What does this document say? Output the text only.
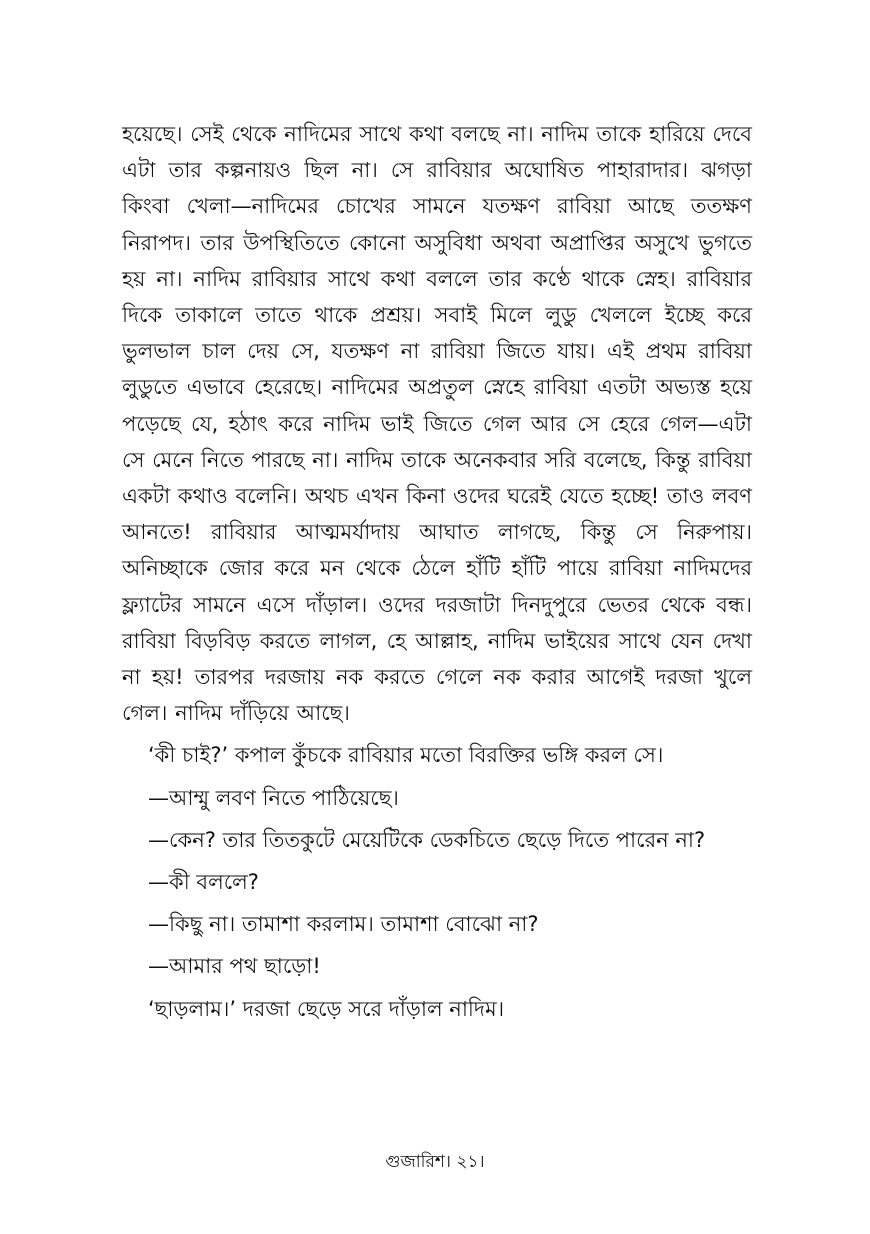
হয়েছে। সেই থেকে নাদিমের সাথে কথা বলছে না। নাদিম তাকে হারিয়ে দেবে এটা তার কল্পনায়ও ছিল না। সে রাবিয়ার অঘোষিত পাহারাদার। ঝগড়া কিংবা খেলা—নাদিমের চোখের সামনে যতক্ষণ রাবিয়া আছে ততক্ষণ নিরাপদ। তার উপস্থিতিতে কোনো অসুবিধা অথবা অপ্রাপ্তির অসুখে ভুগতে হয় না। নাদিম রাবিয়ার সাথে কথা বললে তার কণ্ঠে থাকে স্নেহ। রাবিয়ার দিকে তাকালে তাতে থাকে প্রশ্রয়। সবাই মিলে লুডু খেললে ইচ্ছে করে ভুলভাল চাল দেয় সে, যতক্ষণ না রাবিয়া জিতে যায়। এই প্রথম রাবিয়া লুডুতে এভাবে হেরেছে। নাদিমের অপ্রতুল স্নেহে রাবিয়া এতটা অভ্যস্ত হয়ে পড়েছে যে, হঠাৎ করে নাদিম ভাই জিতে গেল আর সে হেরে গেল—এটা সে মেনে নিতে পারছে না। নাদিম তাকে অনেকবার সরি বলেছে, কিন্তু রাবিয়া একটা কথাও বলেনি। অথচ এখন কিনা ওদের ঘরেই যেতে হচ্ছে! তাও লবণ আনতে! রাবিয়ার আত্মমর্যাদায় আঘাত লাগছে, কিন্তু সে নিরুপায়। অনিচ্ছাকে জোর করে মন থেকে ঠেলে হাঁটি হাঁটি পায়ে রাবিয়া নাদিমদের ফ্ল্যাটের সামনে এসে দাঁড়াল। ওদের দরজাটা দিনদুপুরে ভেতর থেকে বন্ধ। রাবিয়া বিড়বিড় করতে লাগল, হে আল্লাহ, নাদিম ভাইয়ের সাথে যেন দেখা না হয়! তারপর দরজায় নক করতে গেলে নক করার আগেই দরজা খুলে গেল। নাদিম দাঁড়িয়ে আছে।

‘কী চাই?’ কপাল কুঁচকে রাবিয়ার মতো বিরক্তির ভঙ্গি করল সে।

—আম্মু লবণ নিতে পাঠিয়েছে।

—কেন? তার তিতকুটে মেয়েটিকে ডেকচিতে ছেড়ে দিতে পারেন না?

—কী বললে?

—কিছু না। তামাশা করলাম। তামাশা বোঝো না?

—আমার পথ ছাড়ো!

‘ছাড়লাম।’ দরজা ছেড়ে সরে দাঁড়াল নাদিম।

গুজারিশ। ২১।
